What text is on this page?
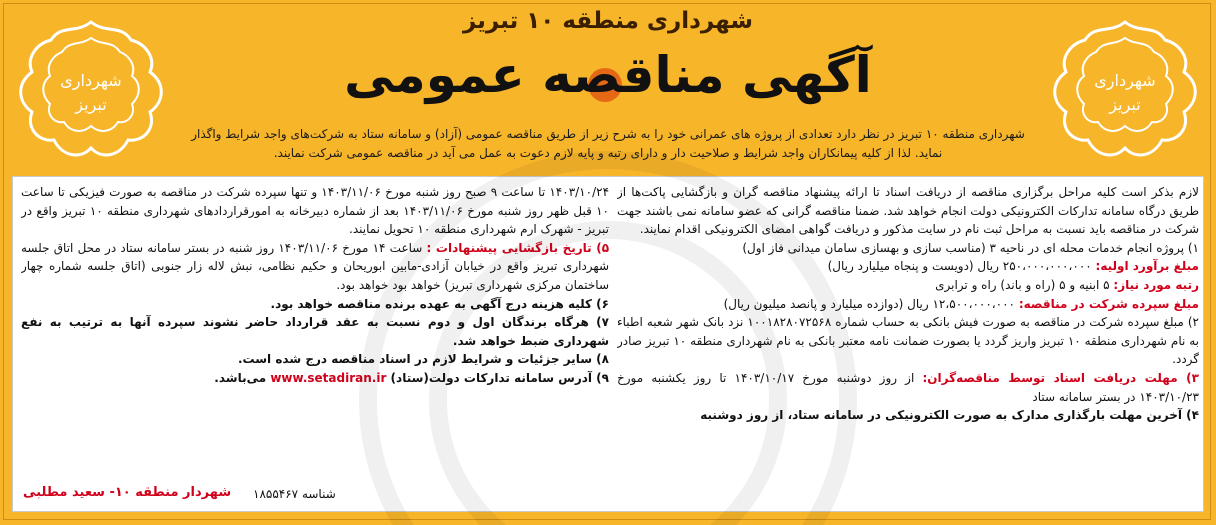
شهرداری
تبریز
شهرداری
تبریز
شهرداری منطقه ۱۰ تبریز
آگهی مناقصه عمومی
شهرداری منطقه ۱۰ تبریز در نظر دارد تعدادی از پروژه های عمرانی خود را به شرح زیر از طریق مناقصه عمومی (آزاد) و سامانه ستاد به شرکت‌های واجد شرایط واگذار نماید. لذا از کلیه پیمانکاران واجد شرایط و صلاحیت دار و دارای رتبه و پایه لازم دعوت به عمل می آید در مناقصه عمومی شرکت نمایند.

لازم بذکر است کلیه مراحل برگزاری مناقصه از دریافت اسناد تا ارائه پیشنهاد مناقصه گران و بازگشایی پاکت‌ها از طریق درگاه سامانه تدارکات الکترونیکی دولت انجام خواهد شد. ضمنا مناقصه گرانی که عضو سامانه نمی باشند جهت شرکت در مناقصه باید نسبت به مراحل ثبت نام در سایت مذکور و دریافت گواهی امضای الکترونیکی اقدام نمایند.

۱) پروژه انجام خدمات محله ای در ناحیه ۳ (مناسب سازی و بهسازی سامان میدانی فاز اول)

مبلغ برآورد اولیه: ۲۵۰،۰۰۰،۰۰۰،۰۰۰ ریال (دویست و پنجاه میلیارد ریال)

رتبه مورد نیاز: ۵ ابنیه و ۵ (راه و باند) راه و ترابری

مبلغ سپرده شرکت در مناقصه: ۱۲،۵۰۰،۰۰۰،۰۰۰ ریال (دوازده میلیارد و پانصد میلیون ریال)

۲) مبلغ سپرده شرکت در مناقصه به صورت فیش بانکی به حساب شماره ۱۰۰۱۸۲۸۰۷۲۵۶۸ نزد بانک شهر شعبه اطباء به نام شهرداری منطقه ۱۰ تبریز واریز گردد یا بصورت ضمانت نامه معتبر بانکی به نام شهرداری منطقه ۱۰ تبریز صادر گردد.

۳) مهلت دریافت اسناد توسط مناقصه‌گران: از روز دوشنبه مورخ ۱۴۰۳/۱۰/۱۷ تا روز یکشنبه مورخ ۱۴۰۳/۱۰/۲۳ در بستر سامانه ستاد

۴) آخرین مهلت بارگذاری مدارک به صورت الکترونیکی در سامانه ستاد، از روز دوشنبه

۱۴۰۳/۱۰/۲۴ تا ساعت ۹ صبح روز شنبه مورخ ۱۴۰۳/۱۱/۰۶ و تنها سپرده شرکت در مناقصه به صورت فیزیکی تا ساعت ۱۰ قبل ظهر روز شنبه مورخ ۱۴۰۳/۱۱/۰۶ بعد از شماره دبیرخانه به امورقراردادهای شهرداری منطقه ۱۰ تبریز واقع در تبریز - شهرک ارم شهرداری منطقه ۱۰ تحویل نمایند.

۵) تاریخ بازگشایی پیشنهادات : ساعت ۱۴ مورخ ۱۴۰۳/۱۱/۰۶ روز شنبه در بستر سامانه ستاد در محل اتاق جلسه شهرداری تبریز واقع در خیابان آزادی-مابین ابوریحان و حکیم نظامی، نبش لاله زار جنوبی (اتاق جلسه شماره چهار ساختمان مرکزی شهرداری تبریز) خواهد بود خواهد بود.

۶) کلیه هزینه درج آگهی به عهده برنده مناقصه خواهد بود.

۷) هرگاه برندگان اول و دوم نسبت به عقد قرارداد حاضر نشوند سپرده آنها به ترتیب به نفع شهرداری ضبط خواهد شد.

۸) سایر جزئیات و شرایط لازم در اسناد مناقصه درج شده است.

۹) آدرس سامانه تدارکات دولت(ستاد) www.setadiran.ir می‌باشد.

شناسه ۱۸۵۵۴۶۷
شهردار منطقه ۱۰- سعید مطلبی
